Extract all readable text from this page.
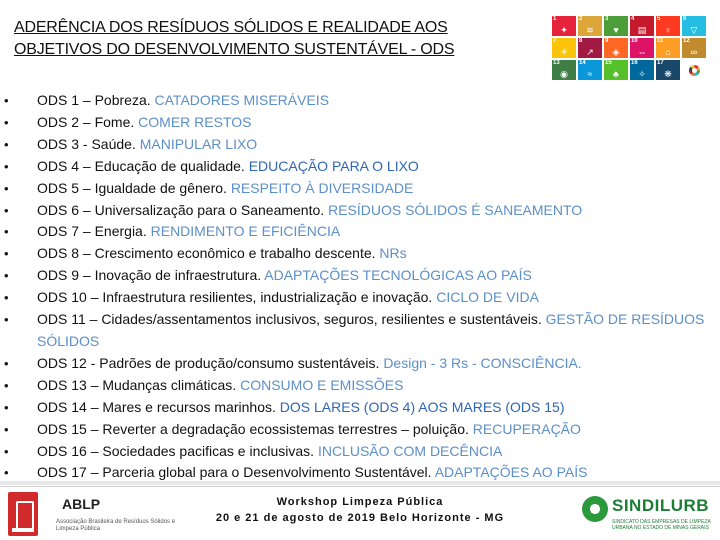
ADERÊNCIA DOS RESÍDUOS SÓLIDOS E REALIDADE AOS
OBJETIVOS DO DESENVOLVIMENTO SUSTENTÁVEL - ODS
1
✦
2
≋
3
♥
4
▤
5
♀
6
▽
7
☀
8
↗
9
◈
10
⇔
11
⌂
12
∞
13
◉
14
≈
15
♣
16
✧
17
❋
• ODS 1 – Pobreza. CATADORES MISERÁVEIS
• ODS 2 – Fome. COMER RESTOS
• ODS 3 - Saúde. MANIPULAR LIXO
• ODS 4 – Educação de qualidade. EDUCAÇÃO PARA O LIXO
• ODS 5 – Igualdade de gênero. RESPEITO À DIVERSIDADE
• ODS 6 – Universalização para o Saneamento. RESÍDUOS SÓLIDOS É SANEAMENTO
• ODS 7 – Energia. RENDIMENTO E EFICIÊNCIA
• ODS 8 – Crescimento econômico e trabalho descente. NRs
• ODS 9 – Inovação de infraestrutura. ADAPTAÇÕES TECNOLÓGICAS AO PAÍS
• ODS 10 – Infraestrutura resilientes, industrialização e inovação. CICLO DE VIDA
• ODS 11 – Cidades/assentamentos inclusivos, seguros, resilientes e sustentáveis. GESTÃO DE RESÍDUOS SÓLIDOS
• ODS 12 - Padrões de produção/consumo sustentáveis. Design - 3 Rs - CONSCIÊNCIA.
• ODS 13 – Mudanças climáticas. CONSUMO E EMISSÕES
• ODS 14 – Mares e recursos marinhos. DOS LARES (ODS 4) AOS MARES (ODS 15)
• ODS 15 – Reverter a degradação ecossistemas terrestres – poluição. RECUPERAÇÃO
• ODS 16 – Sociedades pacificas e inclusivas. INCLUSÃO COM DECÊNCIA
• ODS 17 – Parceria global para o Desenvolvimento Sustentável. ADAPTAÇÕES AO PAÍS
ABLP
Associação Brasileira de Resíduos Sólidos e Limpeza Pública
Workshop Limpeza Pública
20 e 21 de agosto de 2019 Belo Horizonte - MG
SINDILURB
SINDICATO DAS EMPRESAS DE LIMPEZA URBANA NO ESTADO DE MINAS GERAIS
